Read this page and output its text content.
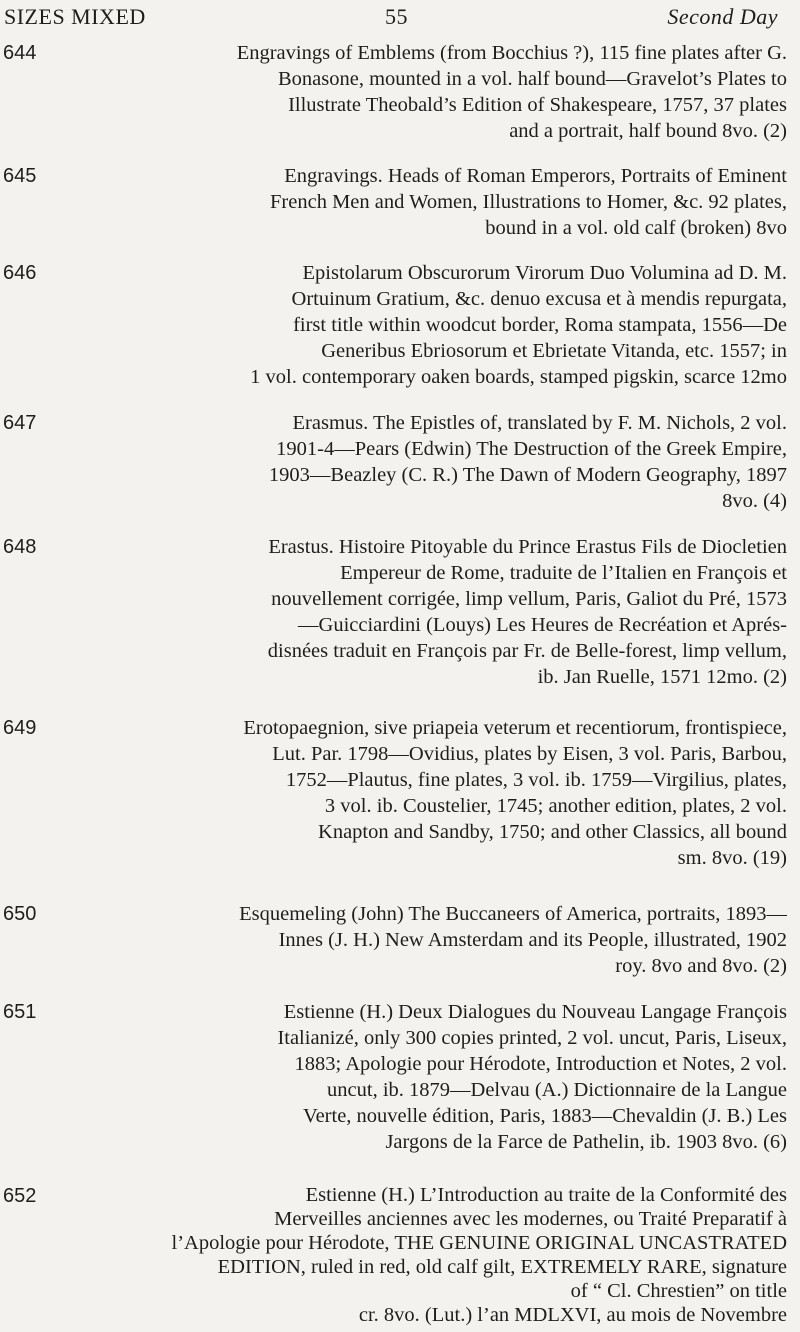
SIZES MIXED	55	Second Day
644	Engravings of Emblems (from Bocchius ?), 115 fine plates after G.
Bonasone, mounted in a vol. half bound—Gravelot’s Plates to
Illustrate Theobald’s Edition of Shakespeare, 1757, 37 plates
and a portrait, half bound 8vo. (2)
645	Engravings. Heads of Roman Emperors, Portraits of Eminent
French Men and Women, Illustrations to Homer, &c. 92 plates,
bound in a vol. old calf (broken) 8vo
646	Epistolarum Obscurorum Virorum Duo Volumina ad D. M.
Ortuinum Gratium, &c. denuo excusa et à mendis repurgata,
first title within woodcut border, Roma stampata, 1556—De
Generibus Ebriosorum et Ebrietate Vitanda, etc. 1557; in
1 vol. contemporary oaken boards, stamped pigskin, scarce 12mo
647	Erasmus. The Epistles of, translated by F. M. Nichols, 2 vol.
1901-4—Pears (Edwin) The Destruction of the Greek Empire,
1903—Beazley (C. R.) The Dawn of Modern Geography, 1897
8vo. (4)
648	Erastus. Histoire Pitoyable du Prince Erastus Fils de Diocletien
Empereur de Rome, traduite de l’Italien en François et
nouvellement corrigée, limp vellum, Paris, Galiot du Pré, 1573
—Guicciardini (Louys) Les Heures de Recréation et Aprés-
disnées traduit en François par Fr. de Belle-forest, limp vellum,
ib. Jan Ruelle, 1571 12mo. (2)
649	Erotopaegnion, sive priapeia veterum et recentiorum, frontispiece,
Lut. Par. 1798—Ovidius, plates by Eisen, 3 vol. Paris, Barbou,
1752—Plautus, fine plates, 3 vol. ib. 1759—Virgilius, plates,
3 vol. ib. Coustelier, 1745; another edition, plates, 2 vol.
Knapton and Sandby, 1750; and other Classics, all bound
sm. 8vo. (19)
650	Esquemeling (John) The Buccaneers of America, portraits, 1893—
Innes (J. H.) New Amsterdam and its People, illustrated, 1902
roy. 8vo and 8vo. (2)
651	Estienne (H.) Deux Dialogues du Nouveau Langage François
Italianizé, only 300 copies printed, 2 vol. uncut, Paris, Liseux,
1883; Apologie pour Hérodote, Introduction et Notes, 2 vol.
uncut, ib. 1879—Delvau (A.) Dictionnaire de la Langue
Verte, nouvelle édition, Paris, 1883—Chevaldin (J. B.) Les
Jargons de la Farce de Pathelin, ib. 1903 8vo. (6)
652	Estienne (H.) L’Introduction au traite de la Conformité des
Merveilles anciennes avec les modernes, ou Traité Preparatif à
l’Apologie pour Hérodote, THE GENUINE ORIGINAL UNCASTRATED
EDITION, ruled in red, old calf gilt, EXTREMELY RARE, signature
of “ Cl. Chrestien” on title
cr. 8vo. (Lut.) l’an MDLXVI, au mois de Novembre
